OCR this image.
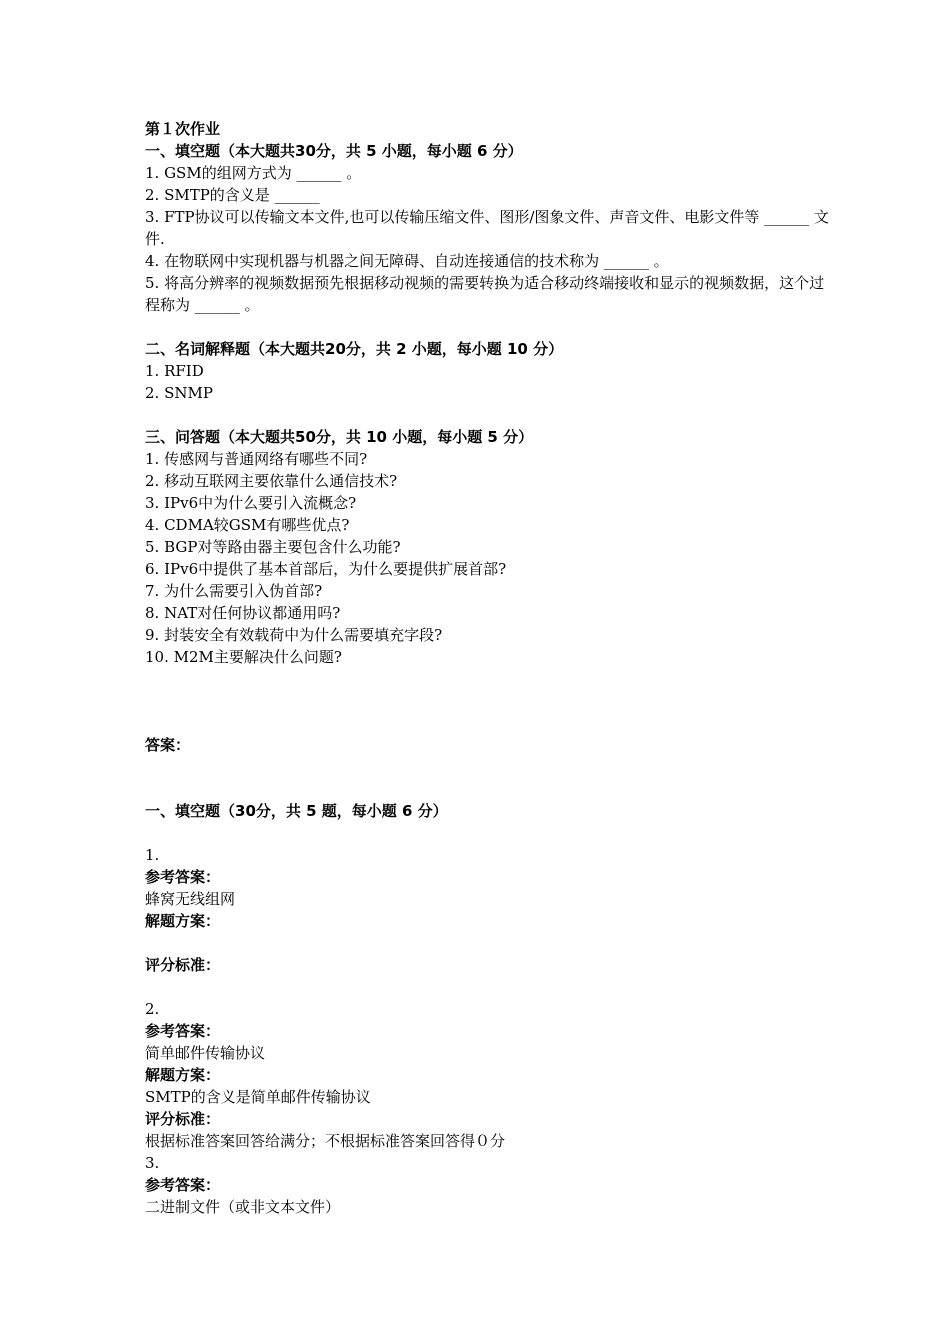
第１次作业

一、填空题（本大题共30分，共 5 小题，每小题 6 分）

1. GSM的组网方式为 ______ 。

2. SMTP的含义是 ______

3. FTP协议可以传输文本文件,也可以传输压缩文件、图形/图象文件、声音文件、电影文件等 ______ 文件.

4. 在物联网中实现机器与机器之间无障碍、自动连接通信的技术称为 ______ 。

5. 将高分辨率的视频数据预先根据移动视频的需要转换为适合移动终端接收和显示的视频数据，这个过程称为 ______ 。

二、名词解释题（本大题共20分，共 2 小题，每小题 10 分）

1. RFID

2. SNMP

三、问答题（本大题共50分，共 10 小题，每小题 5 分）

1. 传感网与普通网络有哪些不同?

2. 移动互联网主要依靠什么通信技术?

3. IPv6中为什么要引入流概念?

4. CDMA较GSM有哪些优点?

5. BGP对等路由器主要包含什么功能?

6. IPv6中提供了基本首部后，为什么要提供扩展首部?

7. 为什么需要引入伪首部?

8. NAT对任何协议都通用吗?

9. 封装安全有效载荷中为什么需要填充字段?

10. M2M主要解决什么问题?

答案：

一、填空题（30分，共 5 题，每小题 6 分）

1.

参考答案：

蜂窝无线组网

解题方案：

评分标准：

2.

参考答案：

简单邮件传输协议

解题方案：

SMTP的含义是简单邮件传输协议

评分标准：

根据标准答案回答给满分；不根据标准答案回答得０分

3.

参考答案：

二进制文件（或非文本文件）
